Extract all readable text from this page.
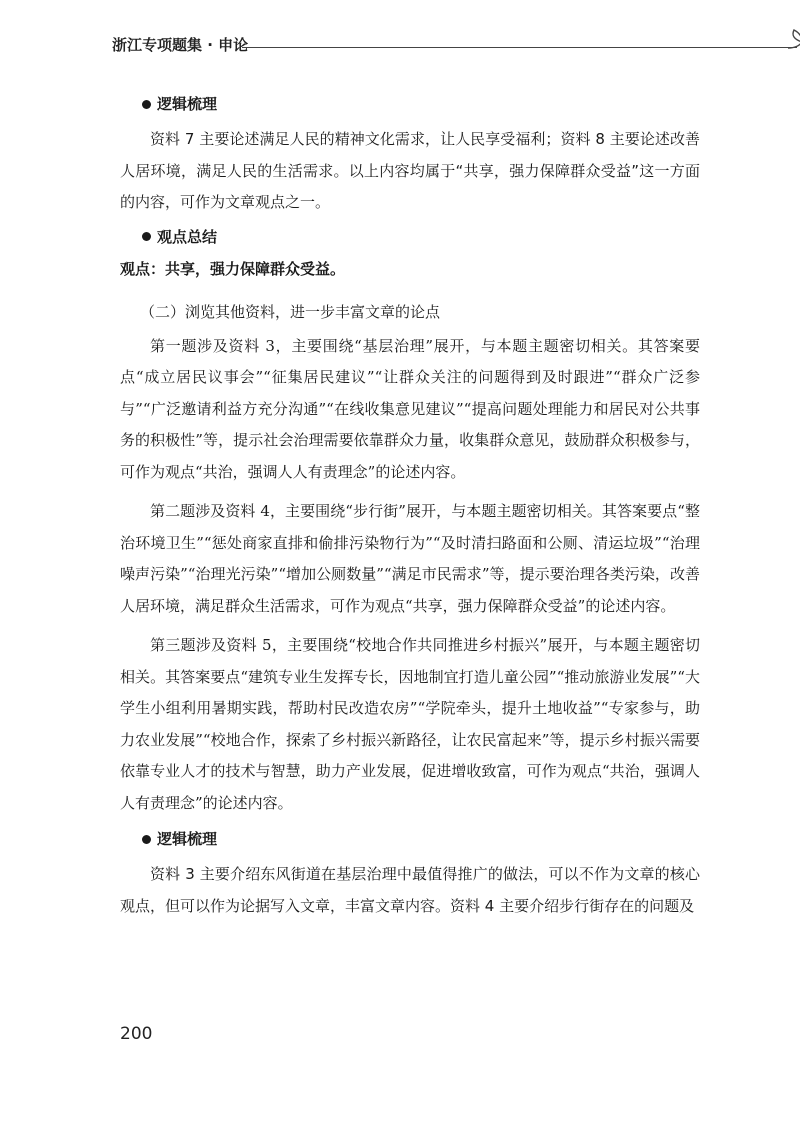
浙江专项题集 · 申论
逻辑梳理

资料 7 主要论述满足人民的精神文化需求，让人民享受福利；资料 8 主要论述改善人居环境，满足人民的生活需求。以上内容均属于“共享，强力保障群众受益”这一方面的内容，可作为文章观点之一。

观点总结
观点：共享，强力保障群众受益。
（二）浏览其他资料，进一步丰富文章的论点

第一题涉及资料 3，主要围绕“基层治理”展开，与本题主题密切相关。其答案要点“成立居民议事会”“征集居民建议”“让群众关注的问题得到及时跟进”“群众广泛参与”“广泛邀请利益方充分沟通”“在线收集意见建议”“提高问题处理能力和居民对公共事务的积极性”等，提示社会治理需要依靠群众力量，收集群众意见，鼓励群众积极参与，可作为观点“共治，强调人人有责理念”的论述内容。

第二题涉及资料 4，主要围绕“步行街”展开，与本题主题密切相关。其答案要点“整治环境卫生”“惩处商家直排和偷排污染物行为”“及时清扫路面和公厕、清运垃圾”“治理噪声污染”“治理光污染”“增加公厕数量”“满足市民需求”等，提示要治理各类污染，改善人居环境，满足群众生活需求，可作为观点“共享，强力保障群众受益”的论述内容。

第三题涉及资料 5，主要围绕“校地合作共同推进乡村振兴”展开，与本题主题密切相关。其答案要点“建筑专业生发挥专长，因地制宜打造儿童公园”“推动旅游业发展”“大学生小组利用暑期实践，帮助村民改造农房”“学院牵头，提升土地收益”“专家参与，助力农业发展”“校地合作，探索了乡村振兴新路径，让农民富起来”等，提示乡村振兴需要依靠专业人才的技术与智慧，助力产业发展，促进增收致富，可作为观点“共治，强调人人有责理念”的论述内容。

逻辑梳理

资料 3 主要介绍东风街道在基层治理中最值得推广的做法，可以不作为文章的核心观点，但可以作为论据写入文章，丰富文章内容。资料 4 主要介绍步行街存在的问题及

200
